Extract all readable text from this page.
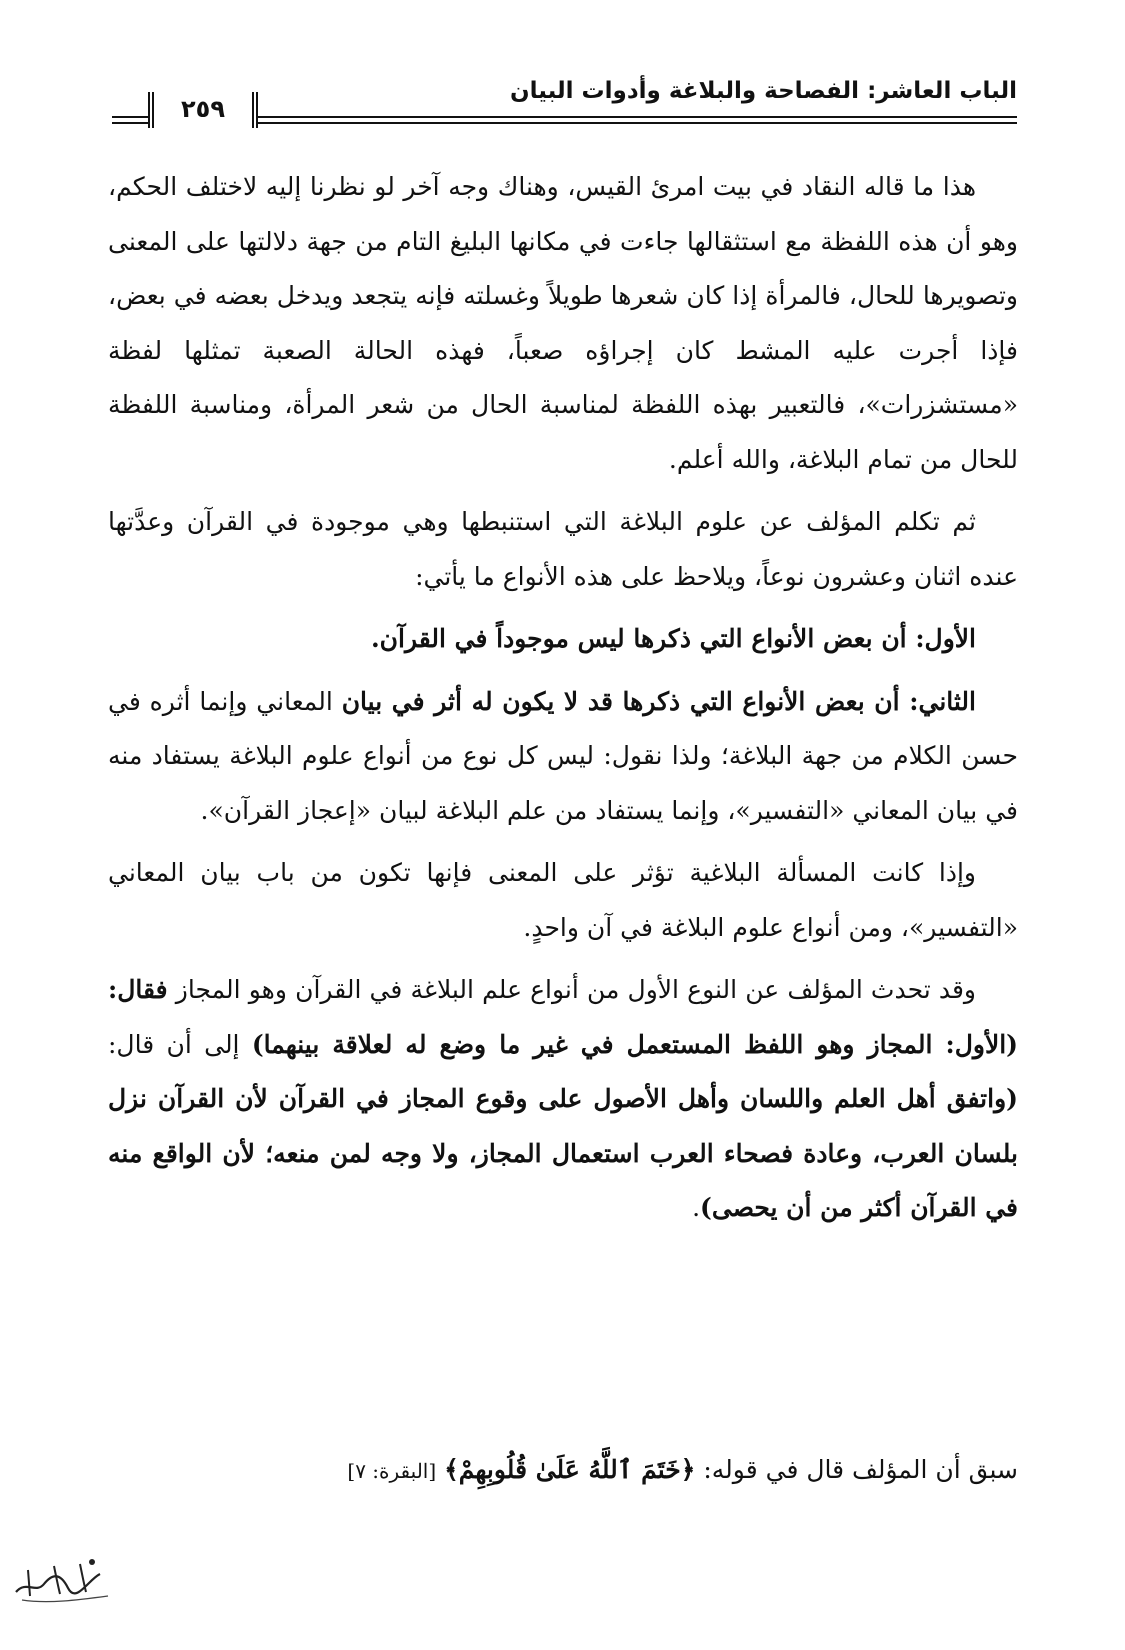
الباب العاشر: الفصاحة والبلاغة وأدوات البيان
٢٥٩

هذا ما قاله النقاد في بيت امرئ القيس، وهناك وجه آخر لو نظرنا إليه لاختلف الحكم، وهو أن هذه اللفظة مع استثقالها جاءت في مكانها البليغ التام من جهة دلالتها على المعنى وتصويرها للحال، فالمرأة إذا كان شعرها طويلاً وغسلته فإنه يتجعد ويدخل بعضه في بعض، فإذا أجرت عليه المشط كان إجراؤه صعباً، فهذه الحالة الصعبة تمثلها لفظة «مستشزرات»، فالتعبير بهذه اللفظة لمناسبة الحال من شعر المرأة، ومناسبة اللفظة للحال من تمام البلاغة، والله أعلم.

ثم تكلم المؤلف عن علوم البلاغة التي استنبطها وهي موجودة في القرآن وعدَّتها عنده اثنان وعشرون نوعاً، ويلاحظ على هذه الأنواع ما يأتي:

الأول: أن بعض الأنواع التي ذكرها ليس موجوداً في القرآن.

الثاني: أن بعض الأنواع التي ذكرها قد لا يكون له أثر في بيان المعاني وإنما أثره في حسن الكلام من جهة البلاغة؛ ولذا نقول: ليس كل نوع من أنواع علوم البلاغة يستفاد منه في بيان المعاني «التفسير»، وإنما يستفاد من علم البلاغة لبيان «إعجاز القرآن».

وإذا كانت المسألة البلاغية تؤثر على المعنى فإنها تكون من باب بيان المعاني «التفسير»، ومن أنواع علوم البلاغة في آن واحدٍ.

وقد تحدث المؤلف عن النوع الأول من أنواع علم البلاغة في القرآن وهو المجاز فقال: (الأول: المجاز وهو اللفظ المستعمل في غير ما وضع له لعلاقة بينهما) إلى أن قال: (واتفق أهل العلم واللسان وأهل الأصول على وقوع المجاز في القرآن لأن القرآن نزل بلسان العرب، وعادة فصحاء العرب استعمال المجاز، ولا وجه لمن منعه؛ لأن الواقع منه في القرآن أكثر من أن يحصى).

سبق أن المؤلف قال في قوله: ﴿خَتَمَ ٱللَّهُ عَلَىٰ قُلُوبِهِمْ﴾ [البقرة: ٧]
